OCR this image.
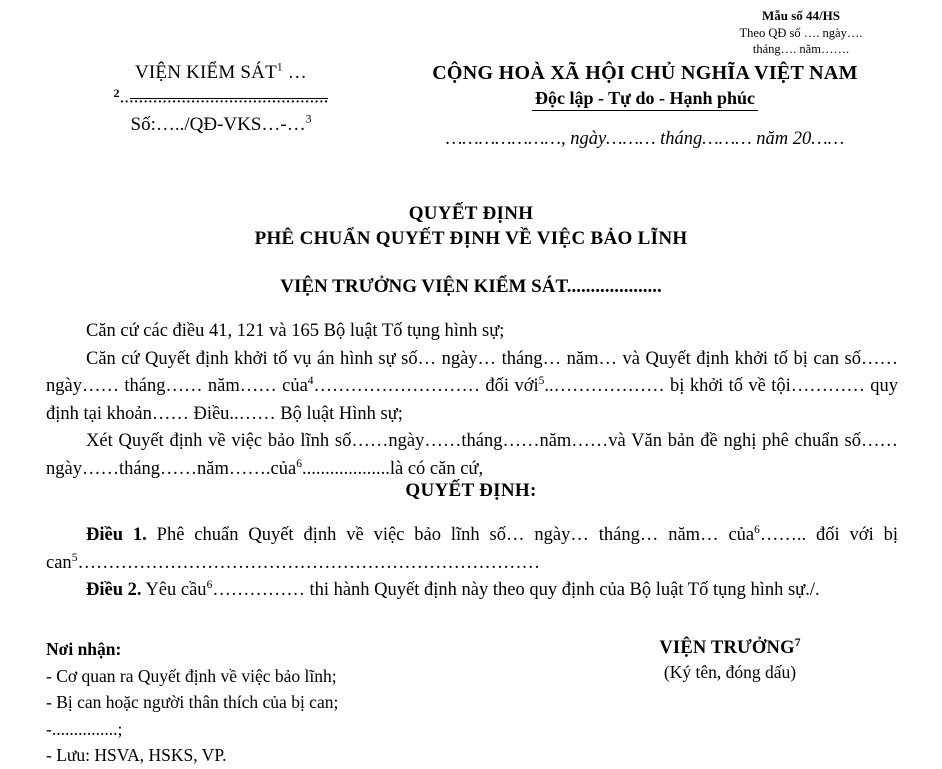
Mẫu số 44/HS
Theo QĐ số …. ngày….
tháng…. năm…….
VIỆN KIỂM SÁT$^1$ …
$^2$............................................
Số:…../QĐ-VKS…-…$^3$
CỘNG HOÀ XÃ HỘI CHỦ NGHĨA VIỆT NAM
Độc lập - Tự do - Hạnh phúc
…………………, ngày……… tháng……… năm 20……
QUYẾT ĐỊNH
PHÊ CHUẨN QUYẾT ĐỊNH VỀ VIỆC BẢO LĨNH
VIỆN TRƯỞNG VIỆN KIỂM SÁT....................

Căn cứ các điều 41, 121 và 165 Bộ luật Tố tụng hình sự;

Căn cứ Quyết định khởi tố vụ án hình sự số… ngày… tháng… năm… và Quyết định khởi tố bị can số…… ngày…… tháng…… năm…… của$^4$……………………… đối với$^5$..……………… bị khởi tố về tội………… quy định tại khoản…… Điều..…… Bộ luật Hình sự;

Xét Quyết định về việc bảo lĩnh số……ngày……tháng……năm……và Văn bản đề nghị phê chuẩn số……ngày……tháng……năm…….của$^6$...................là có căn cứ,

QUYẾT ĐỊNH:

Điều 1. Phê chuẩn Quyết định về việc bảo lĩnh số… ngày… tháng… năm… của$^6$…….. đối với bị can$^5$…………………………………………………………………

Điều 2. Yêu cầu$^6$…………… thi hành Quyết định này theo quy định của Bộ luật Tố tụng hình sự./.

Nơi nhận:
- Cơ quan ra Quyết định về việc bảo lĩnh;
- Bị can hoặc người thân thích của bị can;
-...............;
- Lưu: HSVA, HSKS, VP.
VIỆN TRƯỞNG$^7$
(Ký tên, đóng dấu)
